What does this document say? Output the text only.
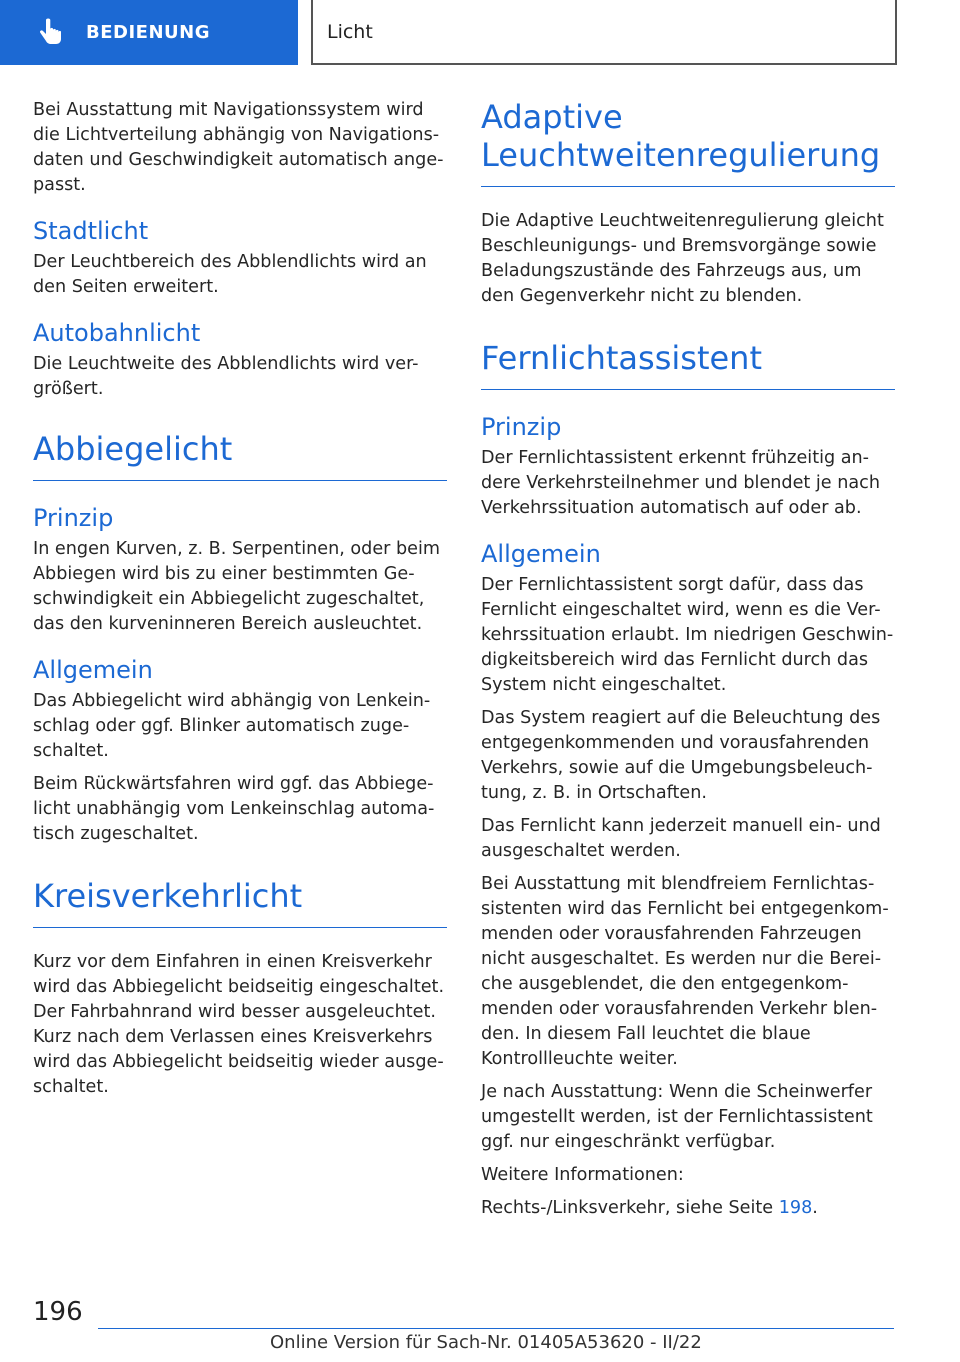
BEDIENUNG	Licht

Bei Ausstattung mit Navigationssystem wird die Lichtverteilung abhängig von Navigations-daten und Geschwindigkeit automatisch ange-passt.

Stadtlicht

Der Leuchtbereich des Abblendlichts wird an den Seiten erweitert.

Autobahnlicht

Die Leuchtweite des Abblendlichts wird ver-größert.

Abbiegelicht
Prinzip

In engen Kurven, z. B. Serpentinen, oder beim Abbiegen wird bis zu einer bestimmten Ge-schwindigkeit ein Abbiegelicht zugeschaltet, das den kurveninneren Bereich ausleuchtet.

Allgemein

Das Abbiegelicht wird abhängig von Lenkein-schlag oder ggf. Blinker automatisch zuge-schaltet.

Beim Rückwärtsfahren wird ggf. das Abbiege-licht unabhängig vom Lenkeinschlag automa-tisch zugeschaltet.

Kreisverkehrlicht

Kurz vor dem Einfahren in einen Kreisverkehr wird das Abbiegelicht beidseitig eingeschaltet. Der Fahrbahnrand wird besser ausgeleuchtet. Kurz nach dem Verlassen eines Kreisverkehrs wird das Abbiegelicht beidseitig wieder ausge-schaltet.

Adaptive Leuchtweitenregulierung

Die Adaptive Leuchtweitenregulierung gleicht Beschleunigungs- und Bremsvorgänge sowie Beladungszustände des Fahrzeugs aus, um den Gegenverkehr nicht zu blenden.

Fernlichtassistent
Prinzip

Der Fernlichtassistent erkennt frühzeitig an-dere Verkehrsteilnehmer und blendet je nach Verkehrssituation automatisch auf oder ab.

Allgemein

Der Fernlichtassistent sorgt dafür, dass das Fernlicht eingeschaltet wird, wenn es die Ver-kehrssituation erlaubt. Im niedrigen Geschwin-digkeitsbereich wird das Fernlicht durch das System nicht eingeschaltet.

Das System reagiert auf die Beleuchtung des entgegenkommenden und vorausfahrenden Verkehrs, sowie auf die Umgebungsbeleuch-tung, z. B. in Ortschaften.

Das Fernlicht kann jederzeit manuell ein- und ausgeschaltet werden.

Bei Ausstattung mit blendfreiem Fernlichtas-sistenten wird das Fernlicht bei entgegenkom-menden oder vorausfahrenden Fahrzeugen nicht ausgeschaltet. Es werden nur die Berei-che ausgeblendet, die den entgegenkom-menden oder vorausfahrenden Verkehr blen-den. In diesem Fall leuchtet die blaue Kontrollleuchte weiter.

Je nach Ausstattung: Wenn die Scheinwerfer umgestellt werden, ist der Fernlichtassistent ggf. nur eingeschränkt verfügbar.

Weitere Informationen:

Rechts-/Linksverkehr, siehe Seite 198.

196
Online Version für Sach-Nr. 01405A53620 - II/22
